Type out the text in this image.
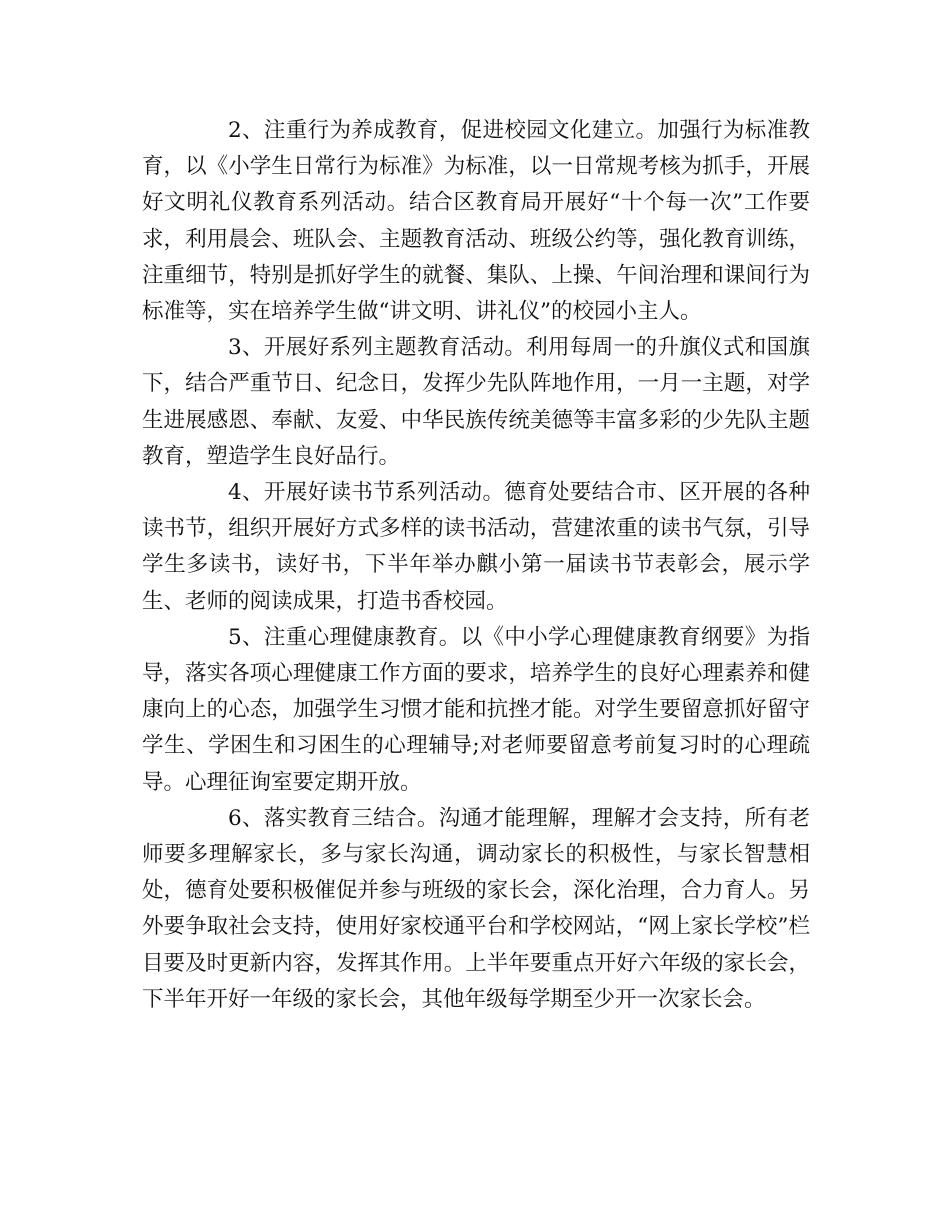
2、注重行为养成教育，促进校园文化建立。加强行为标准教育，以《小学生日常行为标准》为标准，以一日常规考核为抓手，开展好文明礼仪教育系列活动。结合区教育局开展好“十个每一次”工作要求，利用晨会、班队会、主题教育活动、班级公约等，强化教育训练，注重细节，特别是抓好学生的就餐、集队、上操、午间治理和课间行为标准等，实在培养学生做“讲文明、讲礼仪”的校园小主人。

3、开展好系列主题教育活动。利用每周一的升旗仪式和国旗下，结合严重节日、纪念日，发挥少先队阵地作用，一月一主题，对学生进展感恩、奉献、友爱、中华民族传统美德等丰富多彩的少先队主题教育，塑造学生良好品行。

4、开展好读书节系列活动。德育处要结合市、区开展的各种读书节，组织开展好方式多样的读书活动，营建浓重的读书气氛，引导学生多读书，读好书，下半年举办麒小第一届读书节表彰会，展示学生、老师的阅读成果，打造书香校园。

5、注重心理健康教育。以《中小学心理健康教育纲要》为指导，落实各项心理健康工作方面的要求，培养学生的良好心理素养和健康向上的心态，加强学生习惯才能和抗挫才能。对学生要留意抓好留守学生、学困生和习困生的心理辅导;对老师要留意考前复习时的心理疏导。心理征询室要定期开放。

6、落实教育三结合。沟通才能理解，理解才会支持，所有老师要多理解家长，多与家长沟通，调动家长的积极性，与家长智慧相处，德育处要积极催促并参与班级的家长会，深化治理，合力育人。另外要争取社会支持，使用好家校通平台和学校网站，“网上家长学校”栏目要及时更新内容，发挥其作用。上半年要重点开好六年级的家长会，下半年开好一年级的家长会，其他年级每学期至少开一次家长会。
